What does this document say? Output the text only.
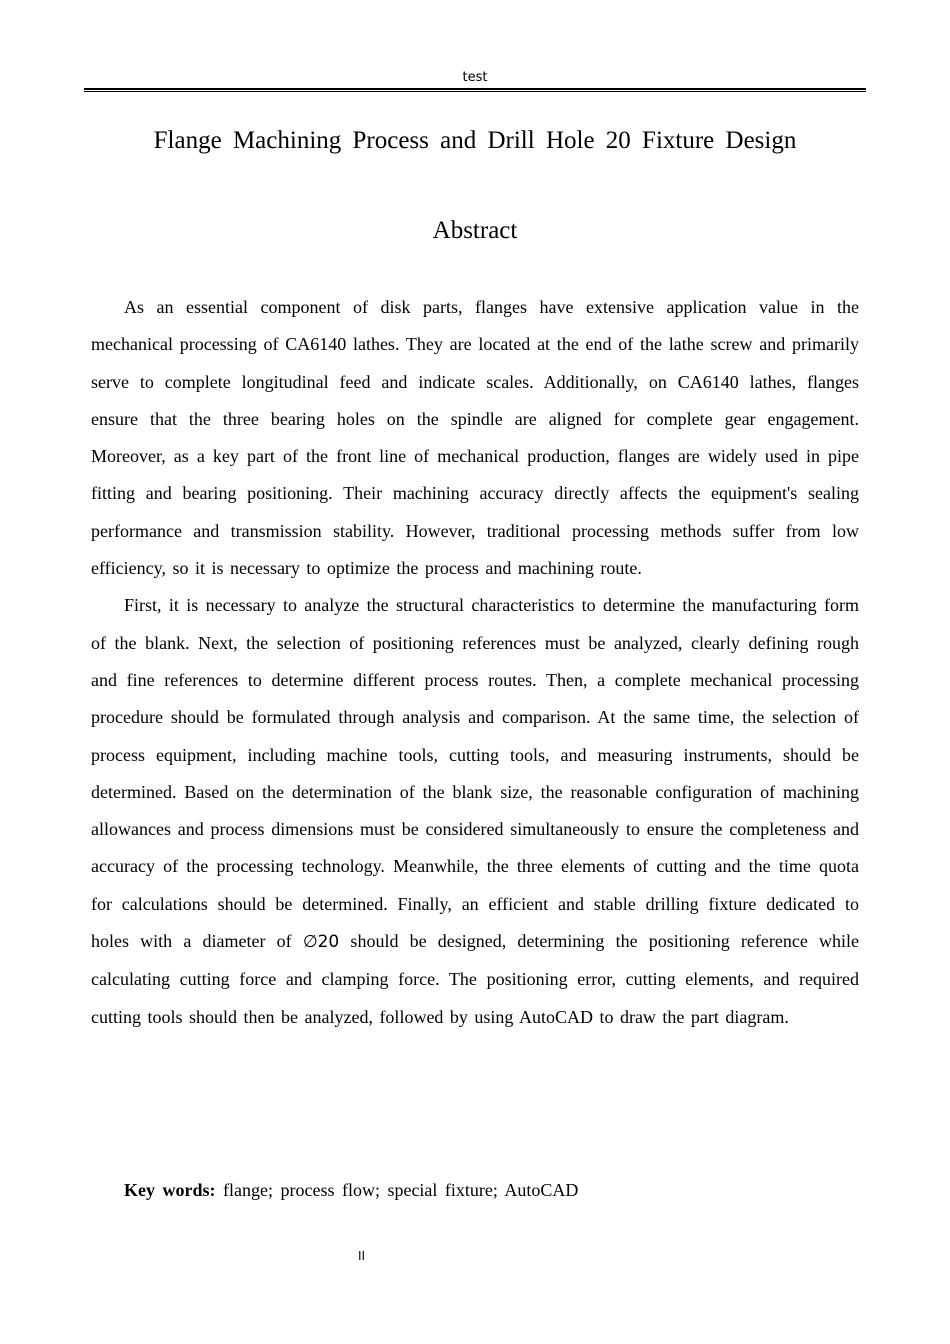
test
Flange Machining Process and Drill Hole 20 Fixture Design
Abstract

As an essential component of disk parts, flanges have extensive application value in the mechanical processing of CA6140 lathes. They are located at the end of the lathe screw and primarily serve to complete longitudinal feed and indicate scales. Additionally, on CA6140 lathes, flanges ensure that the three bearing holes on the spindle are aligned for complete gear engagement. Moreover, as a key part of the front line of mechanical production, flanges are widely used in pipe fitting and bearing positioning. Their machining accuracy directly affects the equipment's sealing performance and transmission stability. However, traditional processing methods suffer from low efficiency, so it is necessary to optimize the process and machining route.

First, it is necessary to analyze the structural characteristics to determine the manufacturing form of the blank. Next, the selection of positioning references must be analyzed, clearly defining rough and fine references to determine different process routes. Then, a complete mechanical processing procedure should be formulated through analysis and comparison. At the same time, the selection of process equipment, including machine tools, cutting tools, and measuring instruments, should be determined. Based on the determination of the blank size, the reasonable configuration of machining allowances and process dimensions must be considered simultaneously to ensure the completeness and accuracy of the processing technology. Meanwhile, the three elements of cutting and the time quota for calculations should be determined. Finally, an efficient and stable drilling fixture dedicated to holes with a diameter of ∅20 should be designed, determining the positioning reference while calculating cutting force and clamping force. The positioning error, cutting elements, and required cutting tools should then be analyzed, followed by using AutoCAD to draw the part diagram.

Key words: flange; process flow; special fixture; AutoCAD
II
